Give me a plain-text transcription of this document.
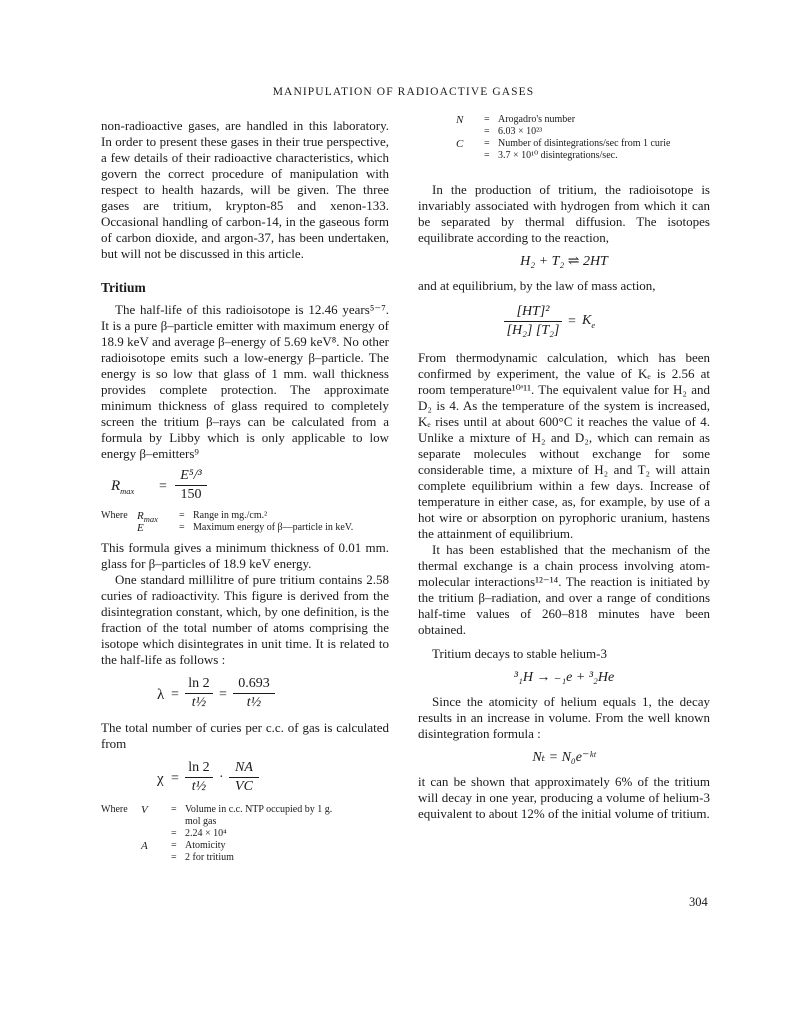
MANIPULATION OF RADIOACTIVE GASES

non-radioactive gases, are handled in this laboratory. In order to present these gases in their true perspective, a few details of their radioactive characteristics, which govern the correct procedure of manipulation with respect to health hazards, will be given. The three gases are tritium, krypton-85 and xenon-133. Occasional handling of carbon-14, in the gaseous form of carbon dioxide, and argon-37, has been undertaken, but will not be discussed in this article.

Tritium

The half-life of this radioisotope is 12.46 years⁵⁻⁷. It is a pure β–particle emitter with maximum energy of 18.9 keV and average β–energy of 5.69 keV⁸. No other radioisotope emits such a low-energy β–particle. The energy is so low that glass of 1 mm. wall thickness provides complete protection. The approximate minimum thickness of glass required to completely screen the tritium β–rays can be calculated from a formula by Libby which is only applicable to low energy β–emitters⁹

$R_{max}$ =
E⁵/³
150
Where $R_{max}$ = Range in mg./cm.²
E	= Maximum energy of β—particle in keV.

This formula gives a minimum thickness of 0.01 mm. glass for β–particles of 18.9 keV energy.

One standard millilitre of pure tritium contains 2.58 curies of radioactivity. This figure is derived from the disintegration constant, which, by one definition, is the fraction of the total number of atoms comprising the isotope which disintegrates in unit time. It is related to the half-life as follows :

λ =
ln 2
t½
=
0.693
t½

The total number of curies per c.c. of gas is calculated from

χ =
ln 2
t½
·
NA
VC
Where V = Volume in c.c. NTP occupied by 1 g. mol gas
= 2.24 × 10⁴
A = Atomicity
= 2 for tritium
N = Arogadro's number
= 6.03 × 10²³
C = Number of disintegrations/sec from 1 curie
= 3.7 × 10¹⁰ disintegrations/sec.

In the production of tritium, the radioisotope is invariably associated with hydrogen from which it can be separated by thermal diffusion. The isotopes equilibrate according to the reaction,

H₂ + T₂ ⇌ 2HT

and at equilibrium, by the law of mass action,

[HT]²
[H₂] [T₂]
= $K_e$

From thermodynamic calculation, which has been confirmed by experiment, the value of Kₑ is 2.56 at room temperature¹⁰'¹¹. The equivalent value for H₂ and D₂ is 4. As the temperature of the system is increased, Kₑ rises until at about 600°C it reaches the value of 4. Unlike a mixture of H₂ and D₂, which can remain as separate molecules without exchange for some considerable time, a mixture of H₂ and T₂ will attain complete equilibrium within a few days. Increase of temperature in either case, as, for example, by use of a hot wire or absorption on pyrophoric uranium, hastens the attainment of equilibrium.

It has been established that the mechanism of the thermal exchange is a chain process involving atom-molecular interactions¹²⁻¹⁴. The reaction is initiated by the tritium β–radiation, and over a range of conditions half-time values of 260–818 minutes have been obtained.

Tritium decays to stable helium-3

³₁H → ₋₁e + ³₂He

Since the atomicity of helium equals 1, the decay results in an increase in volume. From the well known disintegration formula :

Nₜ = N₀e⁻ᵏᵗ

it can be shown that approximately 6% of the tritium will decay in one year, producing a volume of helium-3 equivalent to about 12% of the initial volume of tritium.

304
